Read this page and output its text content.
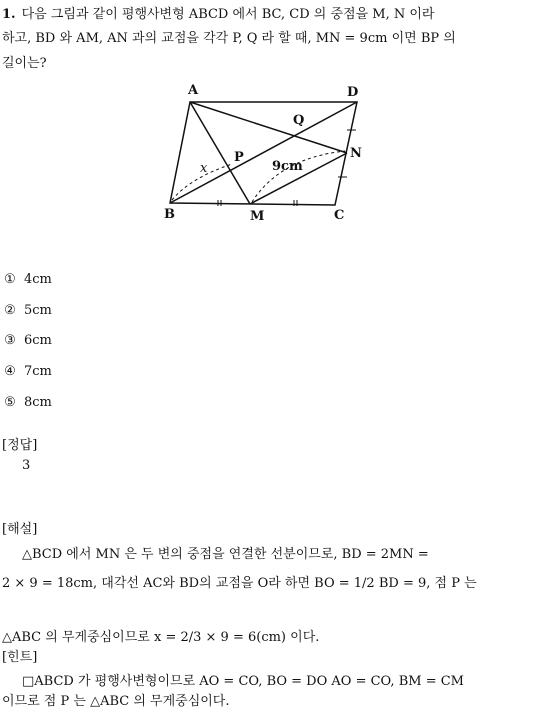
1. 다음 그림과 같이 평행사변형 ABCD 에서 BC, CD 의 중점을 M, N 이라
하고, BD 와 AM, AN 과의 교점을 각각 P, Q 라 할 때, MN = 9cm 이면 BP 의
길이는?
A	D
B	M	C
N
P
Q
9cm
x
① 4cm
② 5cm
③ 6cm
④ 7cm
⑤ 8cm
[정답]
3
[해설]
△BCD 에서 MN 은 두 변의 중점을 연결한 선분이므로, BD = 2MN =
2 × 9 = 18cm, 대각선 AC와 BD의 교점을 O라 하면 BO = 1/2 BD = 9, 점 P 는
△ABC 의 무게중심이므로 x = 2/3 × 9 = 6(cm) 이다.
[힌트]
□ABCD 가 평행사변형이므로 AO = CO, BO = DO AO = CO, BM = CM
이므로 점 P 는 △ABC 의 무게중심이다.
